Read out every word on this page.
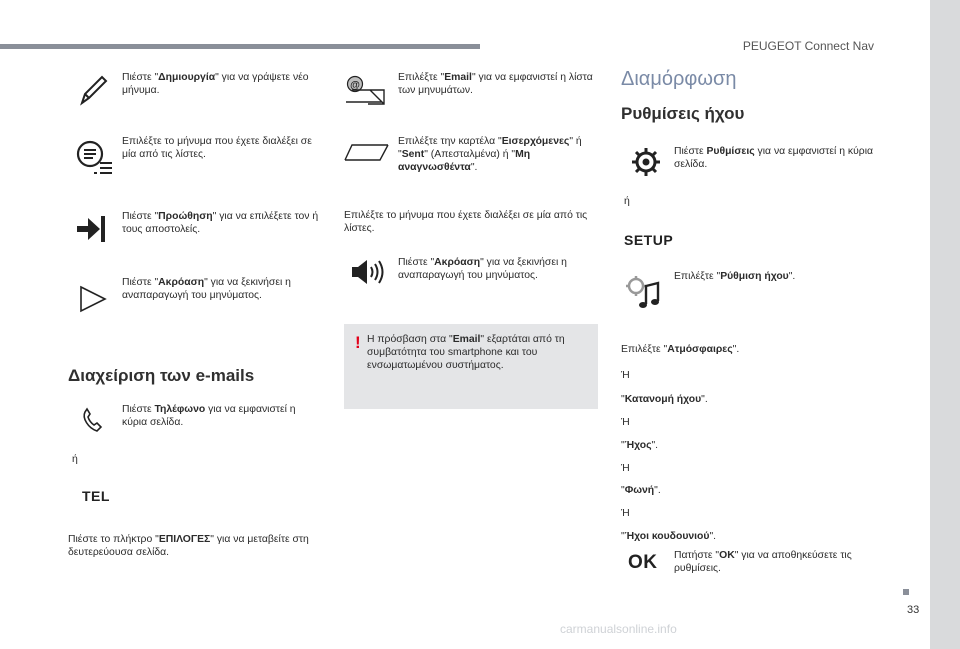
PEUGEOT Connect Nav
33
Πιέστε "Δημιουργία" για να γράψετε νέο μήνυμα.
Επιλέξτε το μήνυμα που έχετε διαλέξει σε μία από τις λίστες.
Πιέστε "Προώθηση" για να επιλέξετε τον ή τους αποστολείς.
Πιέστε "Ακρόαση" για να ξεκινήσει η αναπαραγωγή του μηνύματος.
Διαχείριση των e-mails
Πιέστε Τηλέφωνο για να εμφανιστεί η κύρια σελίδα.
ή
TEL
Πιέστε το πλήκτρο "ΕΠΙΛΟΓΕΣ" για να μεταβείτε στη δευτερεύουσα σελίδα.
@
Επιλέξτε "Email" για να εμφανιστεί η λίστα των μηνυμάτων.
Επιλέξτε την καρτέλα "Εισερχόμενες" ή "Sent" (Απεσταλμένα) ή "Μη αναγνωσθέντα".
Επιλέξτε το μήνυμα που έχετε διαλέξει σε μία από τις λίστες.
Πιέστε "Ακρόαση" για να ξεκινήσει η αναπαραγωγή του μηνύματος.
! Η πρόσβαση στα "Email" εξαρτάται από τη συμβατότητα του smartphone και του ενσωματωμένου συστήματος.
Διαμόρφωση
Ρυθμίσεις ήχου
Πιέστε Ρυθμίσεις για να εμφανιστεί η κύρια σελίδα.
ή
SETUP
Επιλέξτε "Ρύθμιση ήχου".
Επιλέξτε "Ατμόσφαιρες".
Ή
"Κατανομή ήχου".
Ή
"Ήχος".
Ή
"Φωνή".
Ή
"Ήχοι κουδουνιού".
OK Πατήστε "OK" για να αποθηκεύσετε τις ρυθμίσεις.
carmanualsonline.info
